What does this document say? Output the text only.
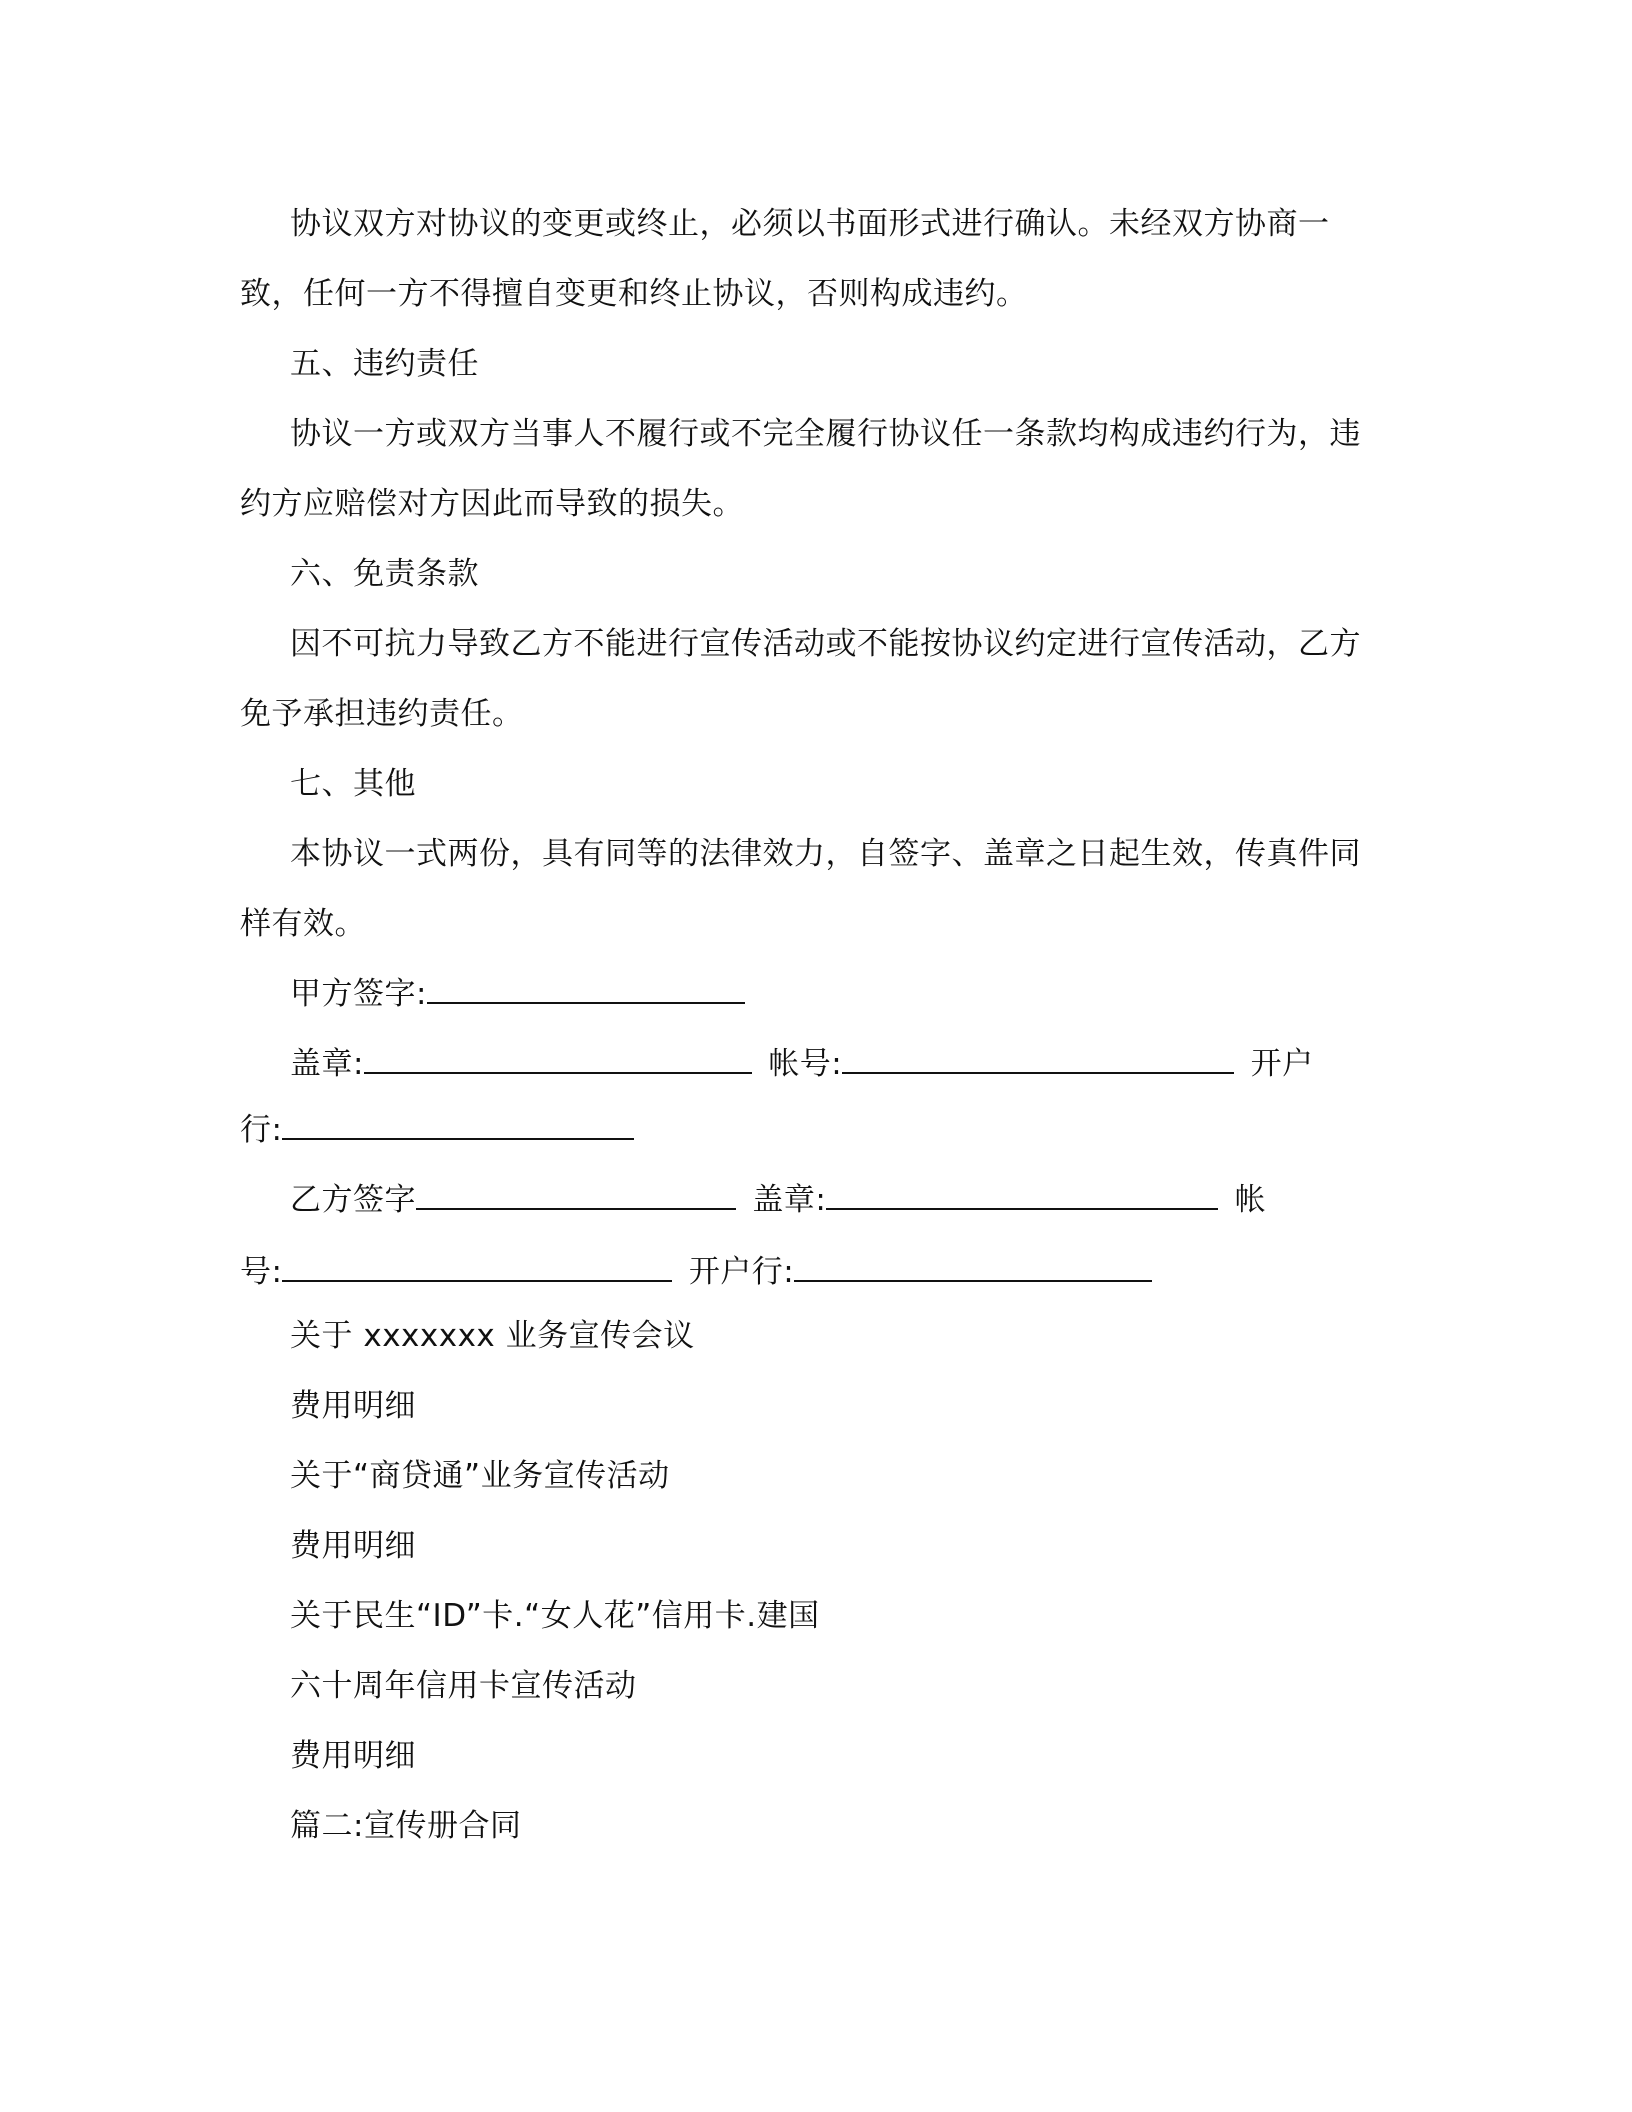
协议双方对协议的变更或终止，必须以书面形式进行确认。未经双方协商一
致，任何一方不得擅自变更和终止协议，否则构成违约。
五、违约责任
协议一方或双方当事人不履行或不完全履行协议任一条款均构成违约行为，违
约方应赔偿对方因此而导致的损失。
六、免责条款
因不可抗力导致乙方不能进行宣传活动或不能按协议约定进行宣传活动，乙方
免予承担违约责任。
七、其他
本协议一式两份，具有同等的法律效力，自签字、盖章之日起生效，传真件同
样有效。
甲方签字:
盖章:	帐号:	开户
行:
乙方签字	盖章:	帐
号:	开户行:
关于 xxxxxxx 业务宣传会议
费用明细
关于“商贷通”业务宣传活动
费用明细
关于民生“ID”卡.“女人花”信用卡.建国
六十周年信用卡宣传活动
费用明细
篇二:宣传册合同
